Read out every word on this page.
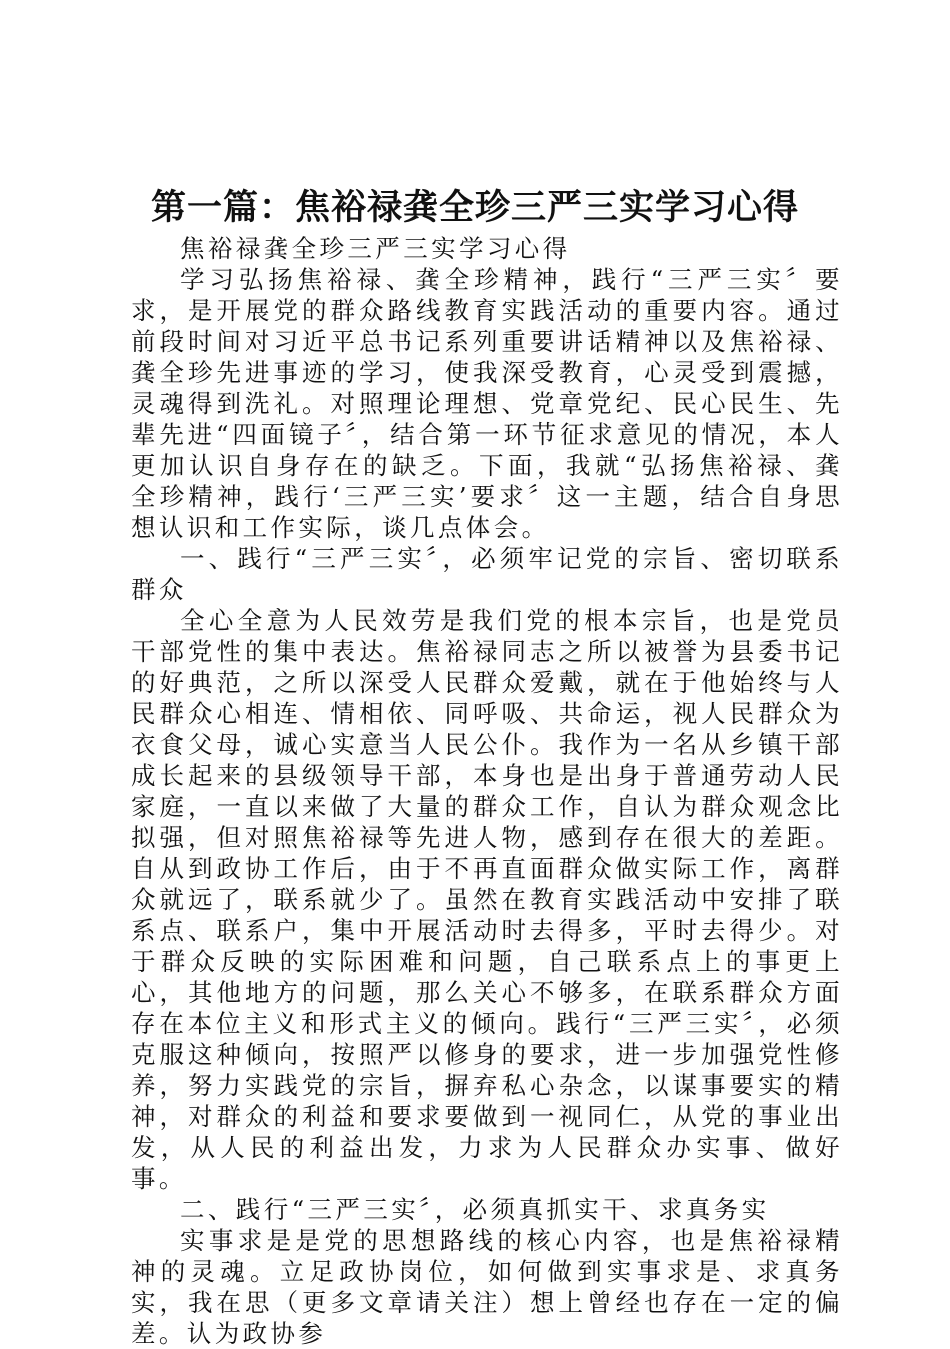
第一篇：焦裕禄龚全珍三严三实学习心得

焦裕禄龚全珍三严三实学习心得

学习弘扬焦裕禄、龚全珍精神，践行“三严三实〞要求，是开展党的群众路线教育实践活动的重要内容。通过前段时间对习近平总书记系列重要讲话精神以及焦裕禄、龚全珍先进事迹的学习，使我深受教育，心灵受到震撼，灵魂得到洗礼。对照理论理想、党章党纪、民心民生、先辈先进“四面镜子〞，结合第一环节征求意见的情况，本人更加认识自身存在的缺乏。下面，我就“弘扬焦裕禄、龚全珍精神，践行‘三严三实’要求〞这一主题，结合自身思想认识和工作实际，谈几点体会。

一、践行“三严三实〞，必须牢记党的宗旨、密切联系群众

全心全意为人民效劳是我们党的根本宗旨，也是党员干部党性的集中表达。焦裕禄同志之所以被誉为县委书记的好典范，之所以深受人民群众爱戴，就在于他始终与人民群众心相连、情相依、同呼吸、共命运，视人民群众为衣食父母，诚心实意当人民公仆。我作为一名从乡镇干部成长起来的县级领导干部，本身也是出身于普通劳动人民家庭，一直以来做了大量的群众工作，自认为群众观念比拟强，但对照焦裕禄等先进人物，感到存在很大的差距。自从到政协工作后，由于不再直面群众做实际工作，离群众就远了，联系就少了。虽然在教育实践活动中安排了联系点、联系户，集中开展活动时去得多，平时去得少。对于群众反映的实际困难和问题，自己联系点上的事更上心，其他地方的问题，那么关心不够多，在联系群众方面存在本位主义和形式主义的倾向。践行“三严三实〞，必须克服这种倾向，按照严以修身的要求，进一步加强党性修养，努力实践党的宗旨，摒弃私心杂念，以谋事要实的精神，对群众的利益和要求要做到一视同仁，从党的事业出发，从人民的利益出发，力求为人民群众办实事、做好事。

二、践行“三严三实〞，必须真抓实干、求真务实

实事求是是党的思想路线的核心内容，也是焦裕禄精神的灵魂。立足政协岗位，如何做到实事求是、求真务实，我在思（更多文章请关注）想上曾经也存在一定的偏差。认为政协参
